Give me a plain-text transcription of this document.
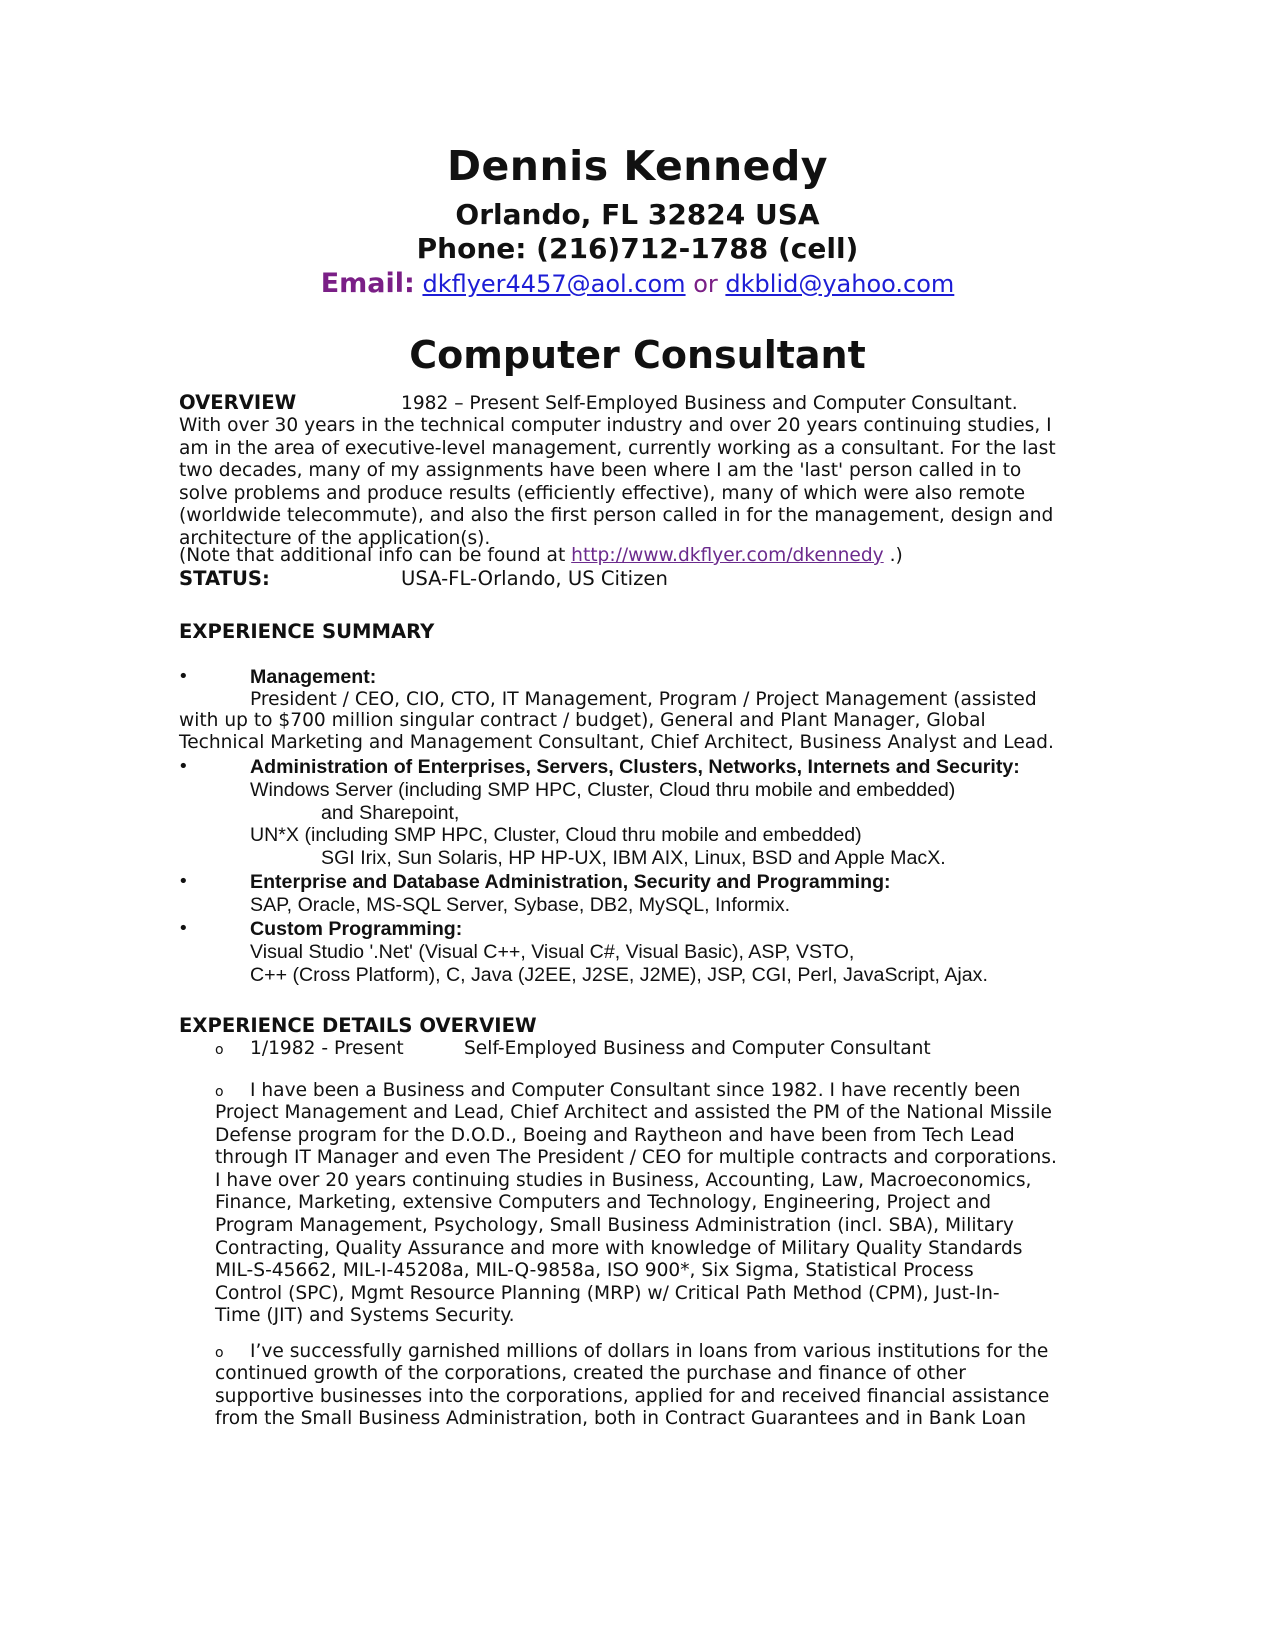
Dennis Kennedy
Orlando, FL 32824 USA
Phone: (216)712-1788 (cell)
Email: dkflyer4457@aol.com or dkblid@yahoo.com
Computer Consultant
OVERVIEW	1982 – Present Self-Employed Business and Computer Consultant.
With over 30 years in the technical computer industry and over 20 years continuing studies, I
am in the area of executive-level management, currently working as a consultant. For the last
two decades, many of my assignments have been where I am the 'last' person called in to
solve problems and produce results (efficiently effective), many of which were also remote
(worldwide telecommute), and also the first person called in for the management, design and
architecture of the application(s).
(Note that additional info can be found at http://www.dkflyer.com/dkennedy .)
STATUS:	USA-FL-Orlando, US Citizen
EXPERIENCE SUMMARY
•	Management:
President / CEO, CIO, CTO, IT Management, Program / Project Management (assisted
with up to $700 million singular contract / budget), General and Plant Manager, Global
Technical Marketing and Management Consultant, Chief Architect, Business Analyst and Lead.
•	Administration of Enterprises, Servers, Clusters, Networks, Internets and Security:
Windows Server (including SMP HPC, Cluster, Cloud thru mobile and embedded)
and Sharepoint,
UN*X (including SMP HPC, Cluster, Cloud thru mobile and embedded)
SGI Irix, Sun Solaris, HP HP-UX, IBM AIX, Linux, BSD and Apple MacX.
•	Enterprise and Database Administration, Security and Programming:
SAP, Oracle, MS-SQL Server, Sybase, DB2, MySQL, Informix.
•	Custom Programming:
Visual Studio '.Net' (Visual C++, Visual C#, Visual Basic), ASP, VSTO,
C++ (Cross Platform), C, Java (J2EE, J2SE, J2ME), JSP, CGI, Perl, JavaScript, Ajax.
EXPERIENCE DETAILS OVERVIEW
o 1/1982 - Present	Self-Employed Business and Computer Consultant
o I have been a Business and Computer Consultant since 1982. I have recently been
Project Management and Lead, Chief Architect and assisted the PM of the National Missile
Defense program for the D.O.D., Boeing and Raytheon and have been from Tech Lead
through IT Manager and even The President / CEO for multiple contracts and corporations.
I have over 20 years continuing studies in Business, Accounting, Law, Macroeconomics,
Finance, Marketing, extensive Computers and Technology, Engineering, Project and
Program Management, Psychology, Small Business Administration (incl. SBA), Military
Contracting, Quality Assurance and more with knowledge of Military Quality Standards
MIL-S-45662, MIL-I-45208a, MIL-Q-9858a, ISO 900*, Six Sigma, Statistical Process
Control (SPC), Mgmt Resource Planning (MRP) w/ Critical Path Method (CPM), Just-In-
Time (JIT) and Systems Security.
o I’ve successfully garnished millions of dollars in loans from various institutions for the
continued growth of the corporations, created the purchase and finance of other
supportive businesses into the corporations, applied for and received financial assistance
from the Small Business Administration, both in Contract Guarantees and in Bank Loan
